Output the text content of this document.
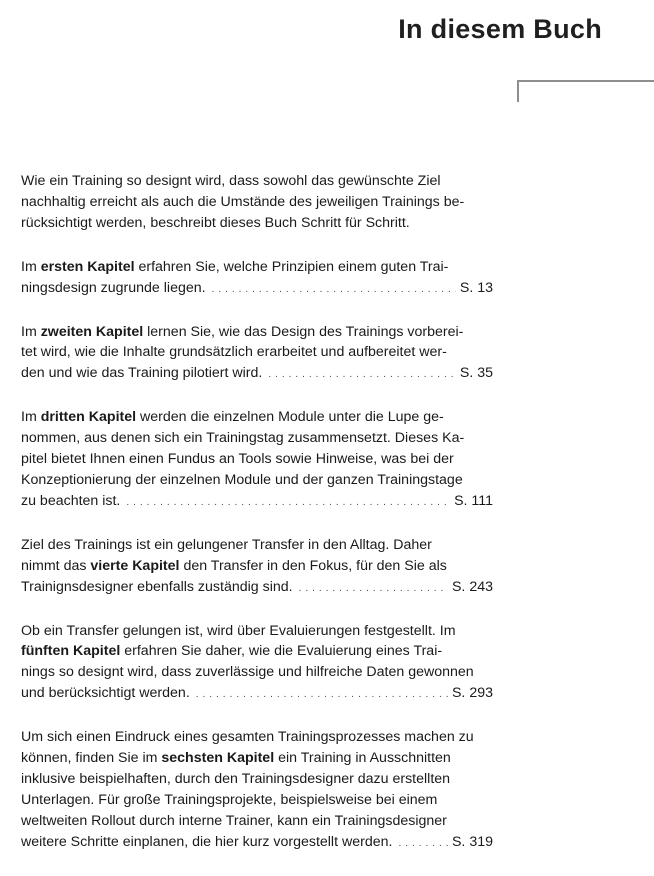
In diesem Buch

Wie ein Training so designt wird, dass sowohl das gewünschte Ziel
nachhaltig erreicht als auch die Umstände des jeweiligen Trainings be-
rücksichtigt werden, beschreibt dieses Buch Schritt für Schritt.

Im ersten Kapitel erfahren Sie, welche Prinzipien einem guten Trai-
ningsdesign zugrunde liegen. . . .	S. 13

Im zweiten Kapitel lernen Sie, wie das Design des Trainings vorberei-
tet wird, wie die Inhalte grundsätzlich erarbeitet und aufbereitet wer-
den und wie das Training pilotiert wird. . . .	S. 35

Im dritten Kapitel werden die einzelnen Module unter die Lupe ge-
nommen, aus denen sich ein Trainingstag zusammensetzt. Dieses Ka-
pitel bietet Ihnen einen Fundus an Tools sowie Hinweise, was bei der
Konzeptionierung der einzelnen Module und der ganzen Trainingstage
zu beachten ist. . . .	S. 111

Ziel des Trainings ist ein gelungener Transfer in den Alltag. Daher
nimmt das vierte Kapitel den Transfer in den Fokus, für den Sie als
Trainignsdesigner ebenfalls zuständig sind. . . .	S. 243

Ob ein Transfer gelungen ist, wird über Evaluierungen festgestellt. Im
fünften Kapitel erfahren Sie daher, wie die Evaluierung eines Trai-
nings so designt wird, dass zuverlässige und hilfreiche Daten gewonnen
und berücksichtigt werden. . . .	S. 293

Um sich einen Eindruck eines gesamten Trainingsprozesses machen zu
können, finden Sie im sechsten Kapitel ein Training in Ausschnitten
inklusive beispielhaften, durch den Trainingsdesigner dazu erstellten
Unterlagen. Für große Trainingsprojekte, beispielsweise bei einem
weltweiten Rollout durch interne Trainer, kann ein Trainingsdesigner
weitere Schritte einplanen, die hier kurz vorgestellt werden. . . .	S. 319
